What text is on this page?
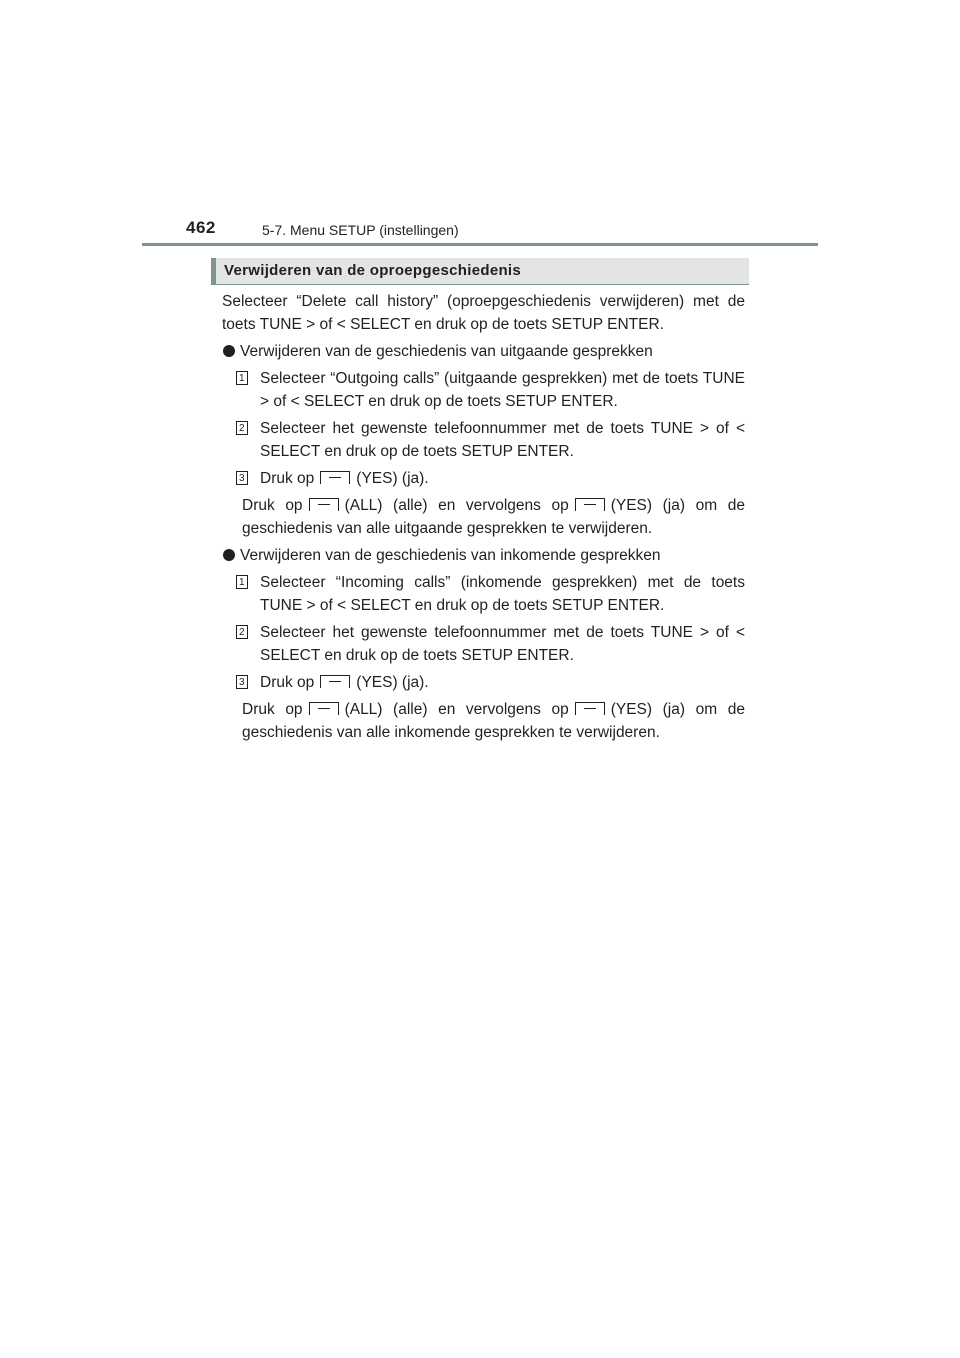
462	5-7. Menu SETUP (instellingen)
Verwijderen van de oproepgeschiedenis

Selecteer “Delete call history” (oproepgeschiedenis verwijderen) met de toets TUNE > of < SELECT en druk op de toets SETUP ENTER.

Verwijderen van de geschiedenis van uitgaande gesprekken

1 Selecteer “Outgoing calls” (uitgaande gesprekken) met de toets TUNE > of < SELECT en druk op de toets SETUP ENTER.

2 Selecteer het gewenste telefoonnummer met de toets TUNE > of < SELECT en druk op de toets SETUP ENTER.

3 Druk op	(YES) (ja).

Druk op	(ALL) (alle) en vervolgens op	(YES) (ja) om de geschiedenis van alle uitgaande gesprekken te verwijderen.

Verwijderen van de geschiedenis van inkomende gesprekken

1 Selecteer “Incoming calls” (inkomende gesprekken) met de toets TUNE > of < SELECT en druk op de toets SETUP ENTER.

2 Selecteer het gewenste telefoonnummer met de toets TUNE > of < SELECT en druk op de toets SETUP ENTER.

3 Druk op	(YES) (ja).

Druk op	(ALL) (alle) en vervolgens op	(YES) (ja) om de geschiedenis van alle inkomende gesprekken te verwijderen.
